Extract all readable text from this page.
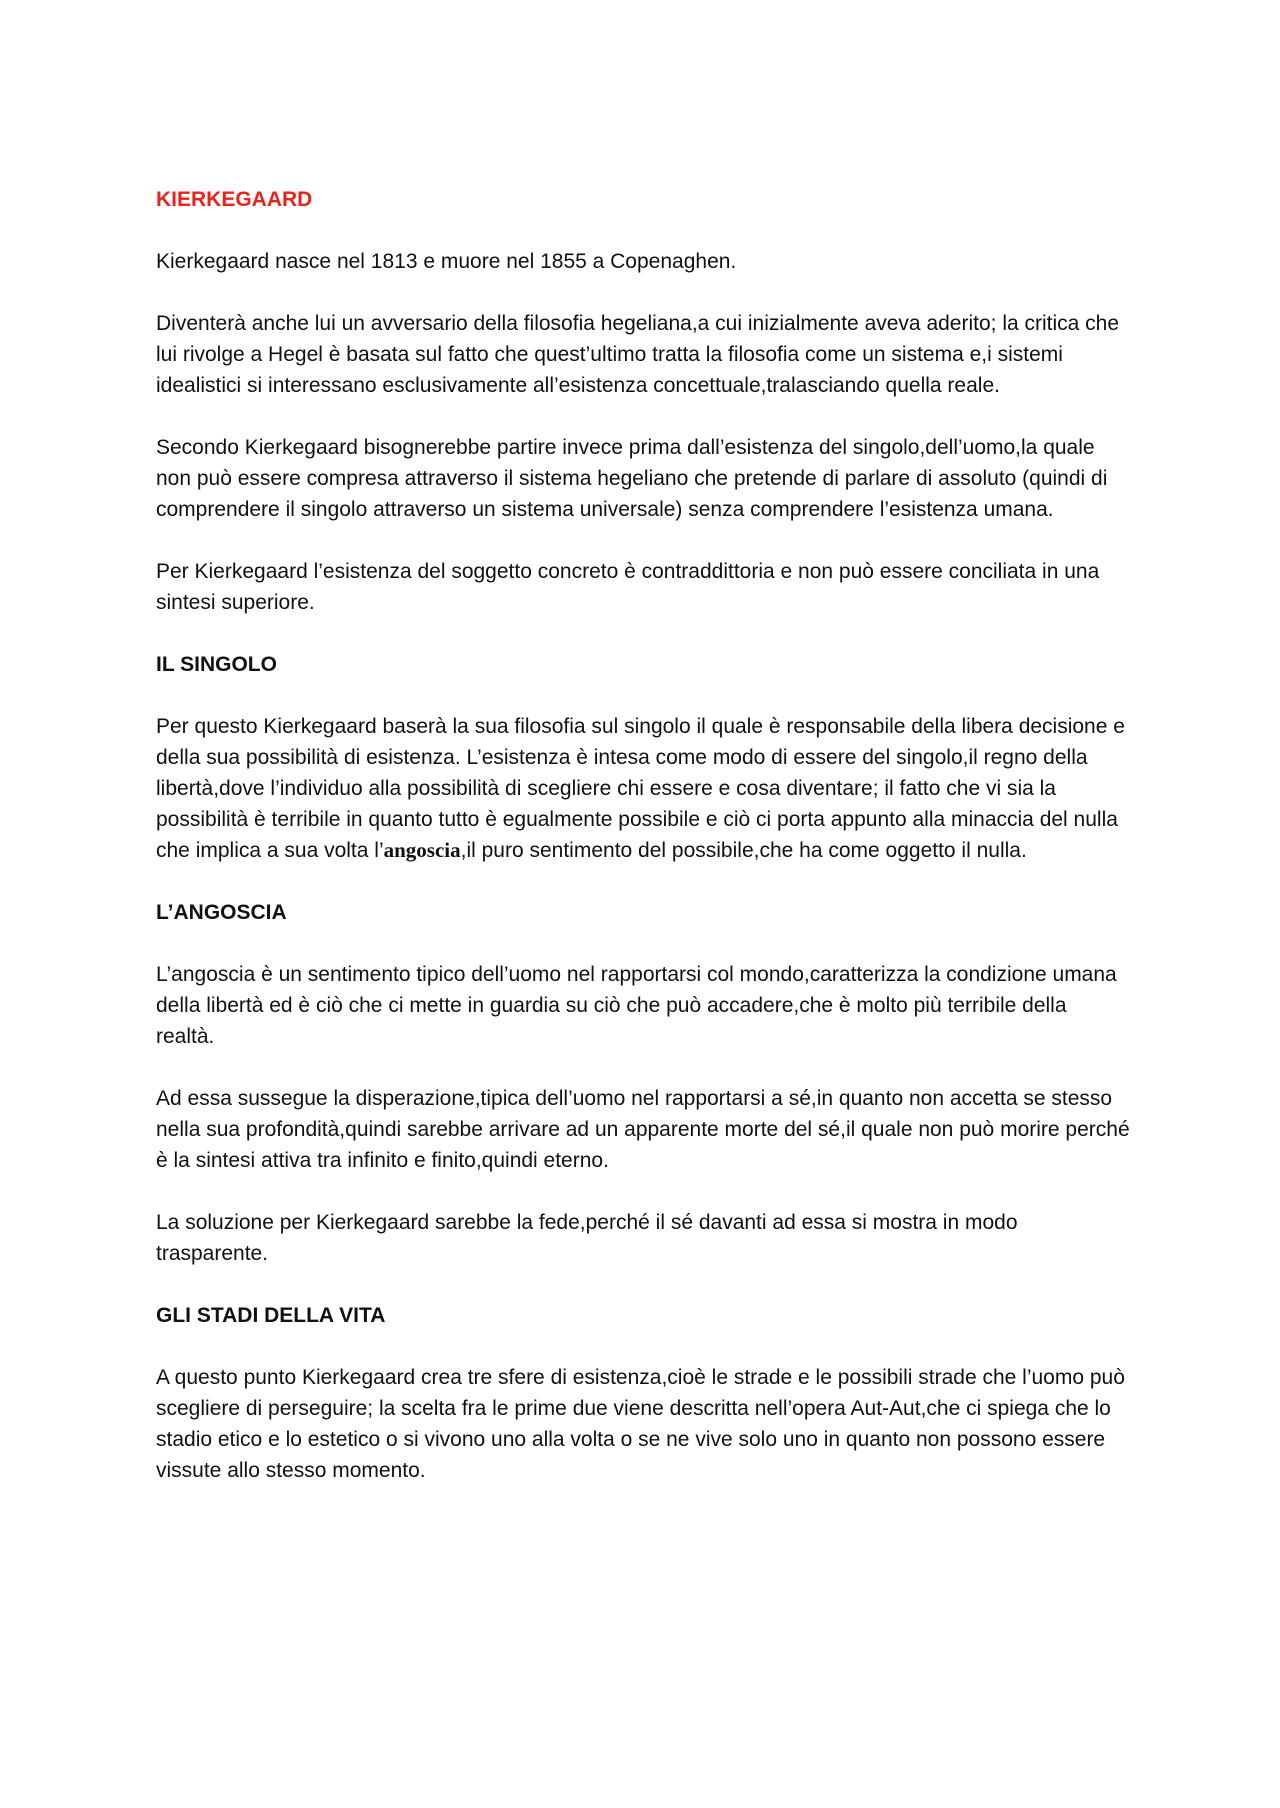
KIERKEGAARD

Kierkegaard nasce nel 1813 e muore nel 1855 a Copenaghen.

Diventerà anche lui un avversario della filosofia hegeliana,a cui inizialmente aveva aderito; la critica che lui rivolge a Hegel è basata sul fatto che quest’ultimo tratta la filosofia come un sistema e,i sistemi idealistici si interessano esclusivamente all’esistenza concettuale,tralasciando quella reale.

Secondo Kierkegaard bisognerebbe partire invece prima dall’esistenza del singolo,dell’uomo,la quale non può essere compresa attraverso il sistema hegeliano che pretende di parlare di assoluto (quindi di comprendere il singolo attraverso un sistema universale) senza comprendere l’esistenza umana.

Per Kierkegaard l’esistenza del soggetto concreto è contraddittoria e non può essere conciliata in una sintesi superiore.

IL SINGOLO

Per questo Kierkegaard baserà la sua filosofia sul singolo il quale è responsabile della libera decisione e della sua possibilità di esistenza. L’esistenza è intesa come modo di essere del singolo,il regno della libertà,dove l’individuo alla possibilità di scegliere chi essere e cosa diventare; il fatto che vi sia la possibilità è terribile in quanto tutto è egualmente possibile e ciò ci porta appunto alla minaccia del nulla che implica a sua volta l’angoscia,il puro sentimento del possibile,che ha come oggetto il nulla.

L’ANGOSCIA

L’angoscia è un sentimento tipico dell’uomo nel rapportarsi col mondo,caratterizza la condizione umana della libertà ed è ciò che ci mette in guardia su ciò che può accadere,che è molto più terribile della realtà.

Ad essa sussegue la disperazione,tipica dell’uomo nel rapportarsi a sé,in quanto non accetta se stesso nella sua profondità,quindi sarebbe arrivare ad un apparente morte del sé,il quale non può morire perché è la sintesi attiva tra infinito e finito,quindi eterno.

La soluzione per Kierkegaard sarebbe la fede,perché il sé davanti ad essa si mostra in modo trasparente.

GLI STADI DELLA VITA

A questo punto Kierkegaard crea tre sfere di esistenza,cioè le strade e le possibili strade che l’uomo può scegliere di perseguire; la scelta fra le prime due viene descritta nell’opera Aut-Aut,che ci spiega che lo stadio etico e lo estetico o si vivono uno alla volta o se ne vive solo uno in quanto non possono essere vissute allo stesso momento.
